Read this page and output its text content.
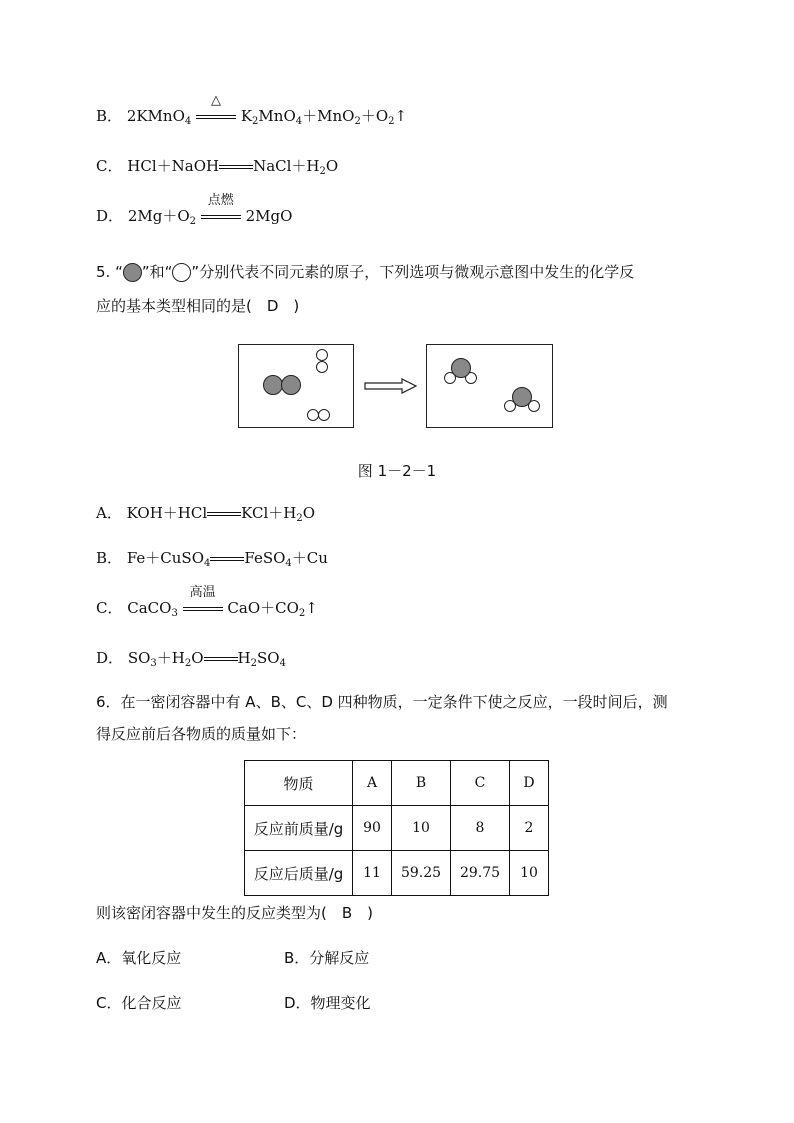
B． 2KMnO$_4$
△
$K_2MnO_4+MnO_2+O_2↑$
C． HCl＋NaOH $NaCl+H_2O$
D． $2Mg+O_2$
点燃
2MgO
5. “ ”和“ ”分别代表不同元素的原子，下列选项与微观示意图中发生的化学反
应的基本类型相同的是(　D　)
图 1－2－1
A． KOH＋HCl $KCl+H_2O$
B． Fe＋CuSO$_4$ FeSO$_4$＋Cu
C． CaCO$_3$
高温
$CaO+CO_2↑$
D． $SO_3+H_2O$ $H_2SO_4$
6．在一密闭容器中有 A、B、C、D 四种物质，一定条件下使之反应，一段时间后，测
得反应前后各物质的质量如下：
物质	A	B	C	D
反应前质量/g	90	10	8	2
反应后质量/g	11	59.25	29.75	10
则该密闭容器中发生的反应类型为(　B　)
A．氧化反应	B．分解反应
C．化合反应	D．物理变化
